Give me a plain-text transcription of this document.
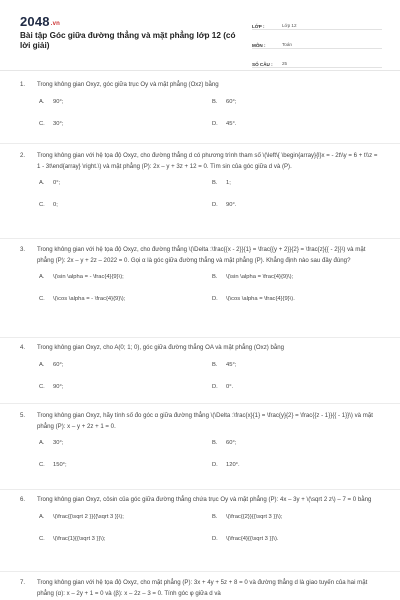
2048.vn
Bài tập Góc giữa đường thẳng và mặt phẳng lớp 12 (có lời giải)
LỚP :	Lớp 12
MÔN :	Toán
SỐ CÂU :	25
1.	Trong không gian Oxyz, góc giữa trục Oy và mặt phẳng (Oxz) bằng
A. 90°;	B. 60°;
C. 30°;	D. 45°.
2.	Trong không gian với hệ tọa độ Oxyz, cho đường thẳng d có phương trình tham số \(\left\{ \begin{array}{l}x = - 2t\\y = 6 + t\\z = 1 - 3t\end{array} \right.\) và mặt phẳng (P): 2x – y + 3z + 12 = 0. Tìm sin của góc giữa d và (P).
A. 0°;	B. 1;
C. 0;	D. 90°.
3.	Trong không gian với hệ tọa độ Oxyz, cho đường thẳng \(\Delta :\frac{{x - 2}}{1} = \frac{{y + 2}}{2} = \frac{z}{{ - 2}}\) và mặt phẳng (P): 2x – y + 2z – 2022 = 0. Gọi α là góc giữa đường thẳng và mặt phẳng (P). Khẳng định nào sau đây đúng?
A. \(\sin \alpha = - \frac{4}{9}\);	B. \(\sin \alpha = \frac{4}{9}\);
C. \(\cos \alpha = - \frac{4}{9}\);	D. \(\cos \alpha = \frac{4}{9}\).
4.	Trong không gian Oxyz, cho A(0; 1; 0), góc giữa đường thẳng OA và mặt phẳng (Oxz) bằng
A. 60°;	B. 45°;
C. 90°;	D. 0°.
5.	Trong không gian Oxyz, hãy tính số đo góc α giữa đường thẳng \(\Delta :\frac{x}{1} = \frac{y}{2} = \frac{{z - 1}}{{ - 1}}\) và mặt phẳng (P): x – y + 2z + 1 = 0.
A. 30°;	B. 60°;
C. 150°;	D. 120°.
6.	Trong không gian Oxyz, côsin của góc giữa đường thẳng chứa trục Oy và mặt phẳng (P): 4x – 3y + \(\sqrt 2 z\) – 7 = 0 bằng
A. \(\frac{{\sqrt 2 }}{{\sqrt 3 }}\);	B. \(\frac{{2}}{{\sqrt 3 }}\);
C. \(\frac{1}{{\sqrt 3 }}\);	D. \(\frac{4}{{\sqrt 3 }}\).
7.	Trong không gian với hệ tọa độ Oxyz, cho mặt phẳng (P): 3x + 4y + 5z + 8 = 0 và đường thẳng d là giao tuyến của hai mặt phẳng (α): x – 2y + 1 = 0 và (β): x – 2z – 3 = 0. Tính góc φ giữa d và
